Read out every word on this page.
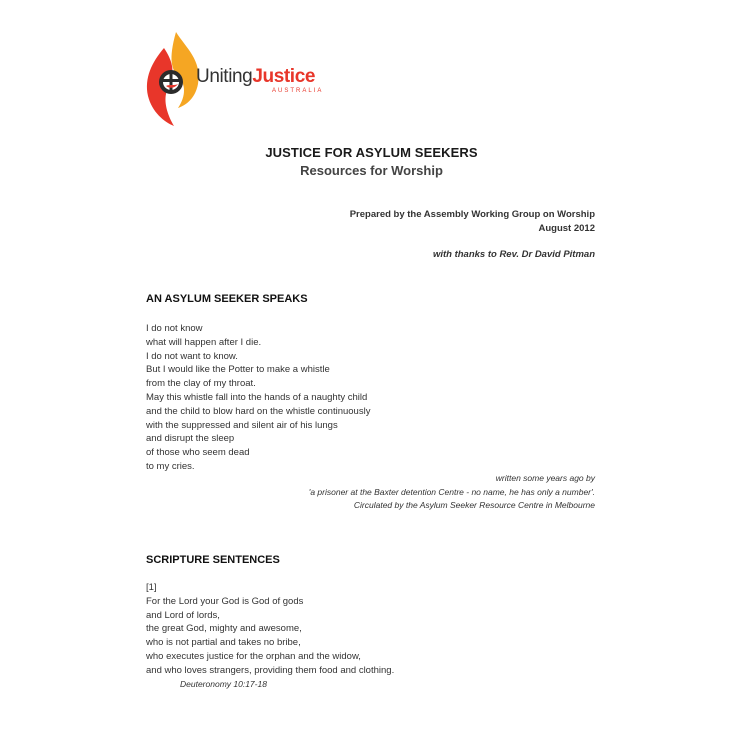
UnitingJustice
AUSTRALIA
JUSTICE FOR ASYLUM SEEKERS
Resources for Worship
Prepared by the Assembly Working Group on Worship
August 2012
with thanks to Rev. Dr David Pitman
AN ASYLUM SEEKER SPEAKS
I do not know
what will happen after I die.
I do not want to know.
But I would like the Potter to make a whistle
from the clay of my throat.
May this whistle fall into the hands of a naughty child
and the child to blow hard on the whistle continuously
with the suppressed and silent air of his lungs
and disrupt the sleep
of those who seem dead
to my cries.
written some years ago by
'a prisoner at the Baxter detention Centre - no name, he has only a number'.
Circulated by the Asylum Seeker Resource Centre in Melbourne
SCRIPTURE SENTENCES
[1]
For the Lord your God is God of gods
and Lord of lords,
the great God, mighty and awesome,
who is not partial and takes no bribe,
who executes justice for the orphan and the widow,
and who loves strangers, providing them food and clothing.
Deuteronomy 10:17-18
